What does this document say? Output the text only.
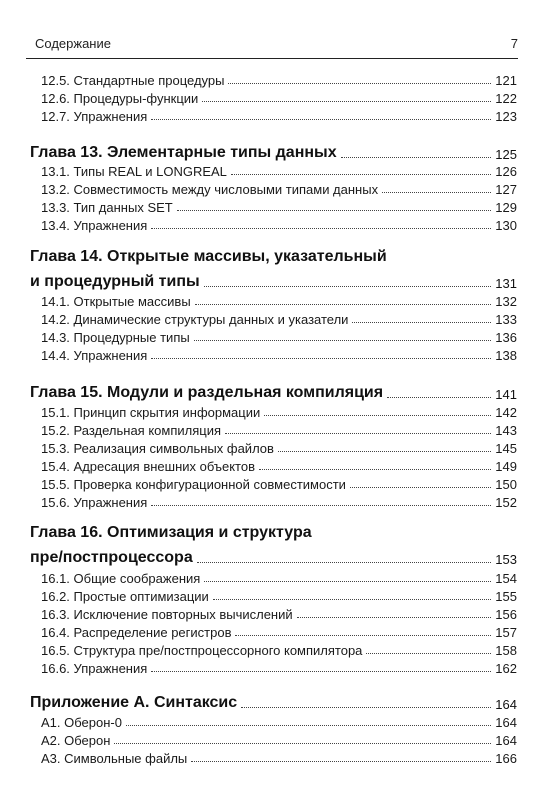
Содержание	7
12.5. Стандартные процедуры	121
12.6. Процедуры-функции	122
12.7. Упражнения	123
Глава 13. Элементарные типы данных	125
13.1. Типы REAL и LONGREAL	126
13.2. Совместимость между числовыми типами данных	127
13.3. Тип данных SET	129
13.4. Упражнения	130
Глава 14. Открытые массивы, указательный
и процедурный типы	131
14.1. Открытые массивы	132
14.2. Динамические структуры данных и указатели	133
14.3. Процедурные типы	136
14.4. Упражнения	138
Глава 15. Модули и раздельная компиляция	141
15.1. Принцип скрытия информации	142
15.2. Раздельная компиляция	143
15.3. Реализация символьных файлов	145
15.4. Адресация внешних объектов	149
15.5. Проверка конфигурационной совместимости	150
15.6. Упражнения	152
Глава 16. Оптимизация и структура
пре/постпроцессора	153
16.1. Общие соображения	154
16.2. Простые оптимизации	155
16.3. Исключение повторных вычислений	156
16.4. Распределение регистров	157
16.5. Структура пре/постпроцессорного компилятора	158
16.6. Упражнения	162
Приложение А. Синтаксис	164
А1. Оберон-0	164
А2. Оберон	164
А3. Символьные файлы	166
